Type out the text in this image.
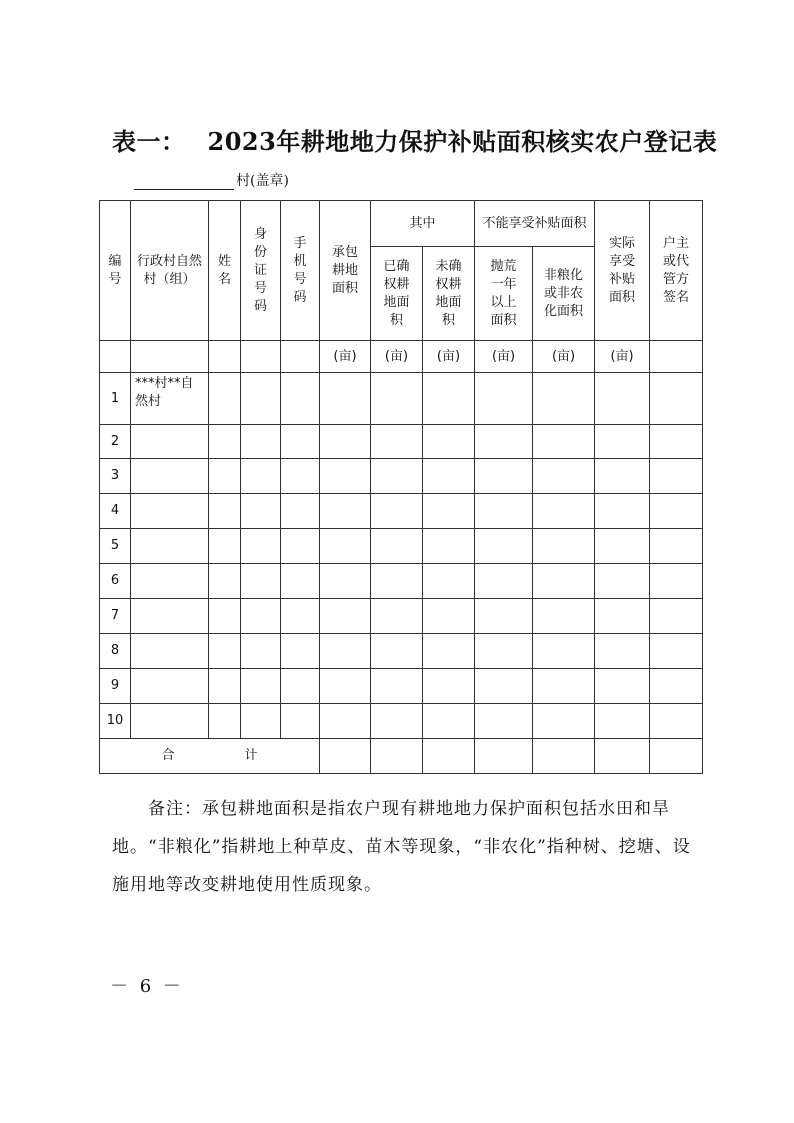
表一： 2023年耕地地力保护补贴面积核实农户登记表
村(盖章)
编号	行政村自然村（组）	姓名	身份证号码	手机号码	承包耕地面积	其中		不能享受补贴面积		实际享受补贴面积	户主或代管方签名
						已确权耕地面积	未确权耕地面积	抛荒一年以上面积	非粮化或非农化面积		
					(亩)	(亩)	(亩)	(亩)	(亩)	(亩)	
1	***村**自然村										
2											
3											
4											
5											
6											
7											
8											
9											
10											
合 计											
备注：承包耕地面积是指农户现有耕地地力保护面积包括水田和旱地。“非粮化”指耕地上种草皮、苗木等现象，“非农化”指种树、挖塘、设施用地等改变耕地使用性质现象。
－ 6 －
